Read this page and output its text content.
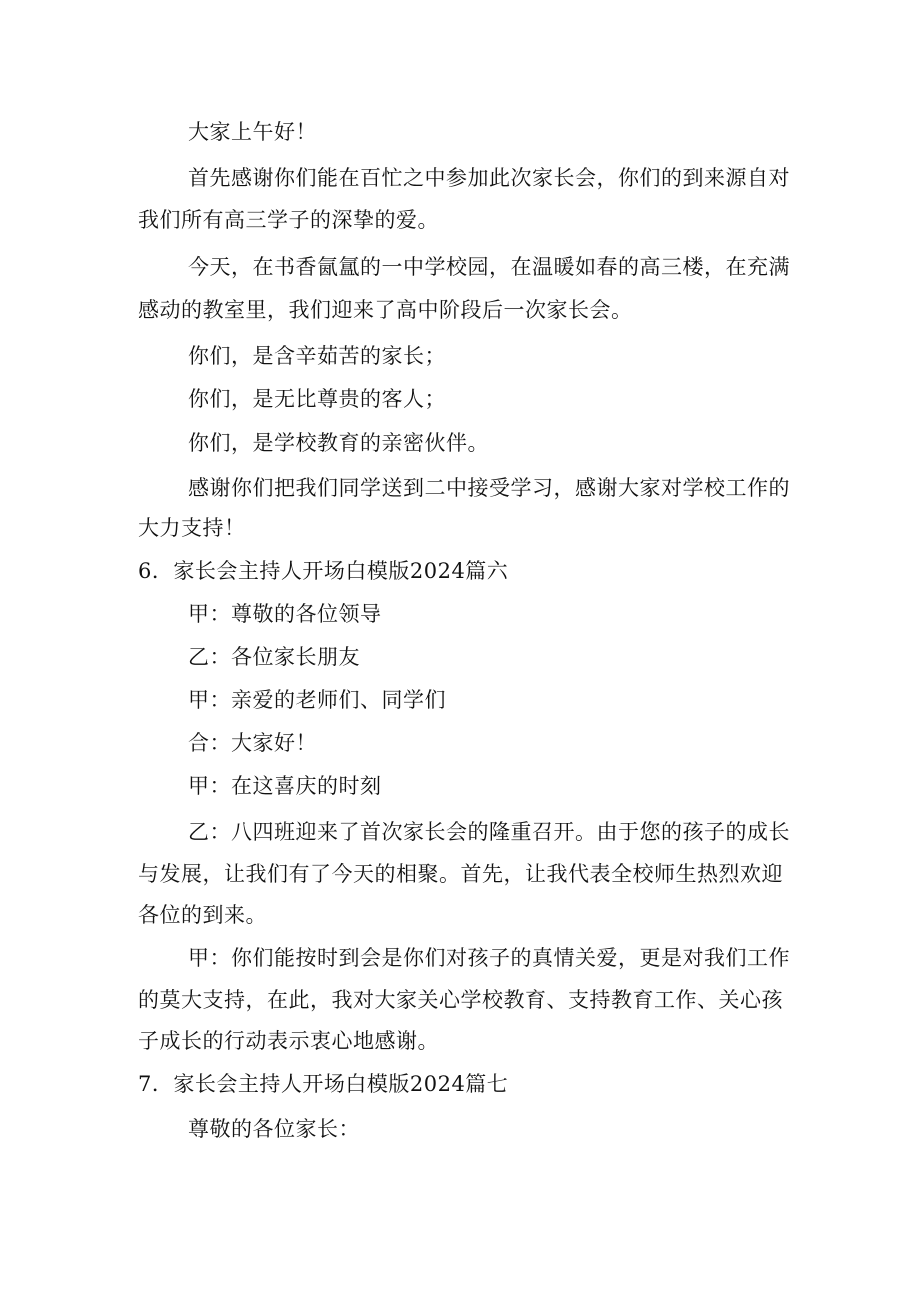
大家上午好！
首先感谢你们能在百忙之中参加此次家长会，你们的到来源自对
我们所有高三学子的深挚的爱。
今天，在书香氤氲的一中学校园，在温暖如春的高三楼，在充满
感动的教室里，我们迎来了高中阶段后一次家长会。
你们，是含辛茹苦的家长；
你们，是无比尊贵的客人；
你们，是学校教育的亲密伙伴。
感谢你们把我们同学送到二中接受学习，感谢大家对学校工作的
大力支持！
6．家长会主持人开场白模版2024篇六
甲：尊敬的各位领导
乙：各位家长朋友
甲：亲爱的老师们、同学们
合：大家好！
甲：在这喜庆的时刻
乙：八四班迎来了首次家长会的隆重召开。由于您的孩子的成长
与发展，让我们有了今天的相聚。首先，让我代表全校师生热烈欢迎
各位的到来。
甲：你们能按时到会是你们对孩子的真情关爱，更是对我们工作
的莫大支持，在此，我对大家关心学校教育、支持教育工作、关心孩
子成长的行动表示衷心地感谢。
7．家长会主持人开场白模版2024篇七
尊敬的各位家长：
